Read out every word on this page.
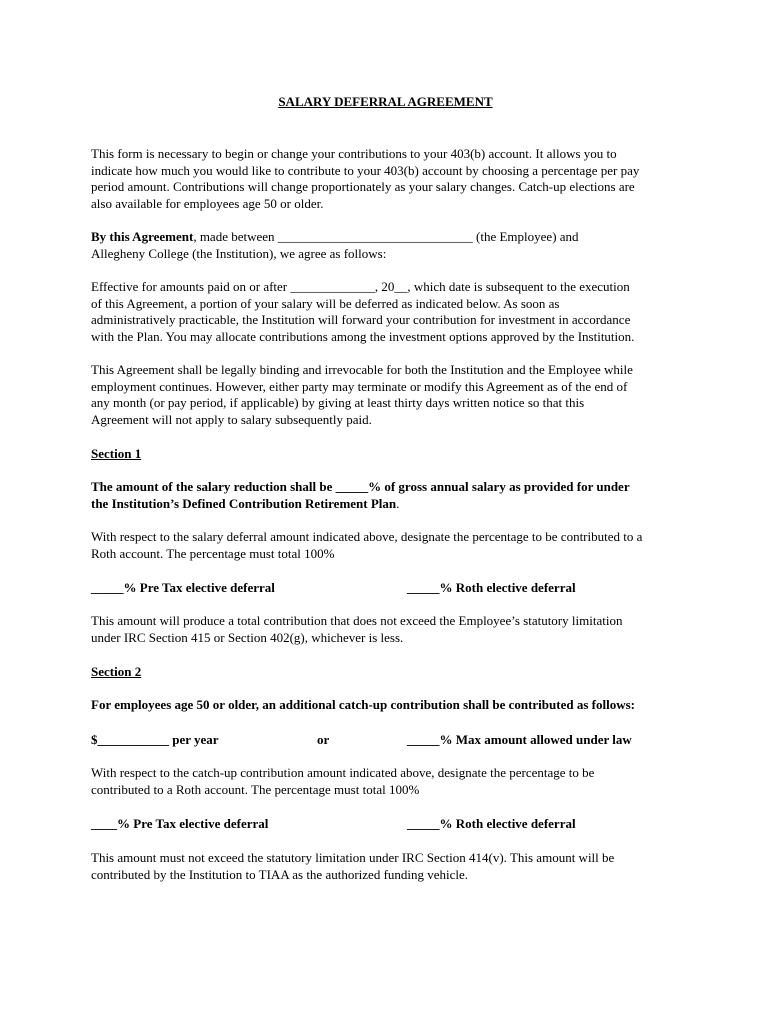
SALARY DEFERRAL AGREEMENT
This form is necessary to begin or change your contributions to your 403(b) account. It allows you to
indicate how much you would like to contribute to your 403(b) account by choosing a percentage per pay
period amount. Contributions will change proportionately as your salary changes. Catch-up elections are
also available for employees age 50 or older.
By this Agreement, made between ______________________________ (the Employee) and
Allegheny College (the Institution), we agree as follows:
Effective for amounts paid on or after _____________, 20__, which date is subsequent to the execution
of this Agreement, a portion of your salary will be deferred as indicated below. As soon as
administratively practicable, the Institution will forward your contribution for investment in accordance
with the Plan. You may allocate contributions among the investment options approved by the Institution.
This Agreement shall be legally binding and irrevocable for both the Institution and the Employee while
employment continues. However, either party may terminate or modify this Agreement as of the end of
any month (or pay period, if applicable) by giving at least thirty days written notice so that this
Agreement will not apply to salary subsequently paid.
Section 1
The amount of the salary reduction shall be _____% of gross annual salary as provided for under
the Institution’s Defined Contribution Retirement Plan.
With respect to the salary deferral amount indicated above, designate the percentage to be contributed to a
Roth account. The percentage must total 100%
_____% Pre Tax elective deferral	_____% Roth elective deferral
This amount will produce a total contribution that does not exceed the Employee’s statutory limitation
under IRC Section 415 or Section 402(g), whichever is less.
Section 2
For employees age 50 or older, an additional catch-up contribution shall be contributed as follows:
$___________ per year	or	_____% Max amount allowed under law
With respect to the catch-up contribution amount indicated above, designate the percentage to be
contributed to a Roth account. The percentage must total 100%
____% Pre Tax elective deferral	_____% Roth elective deferral
This amount must not exceed the statutory limitation under IRC Section 414(v). This amount will be
contributed by the Institution to TIAA as the authorized funding vehicle.
